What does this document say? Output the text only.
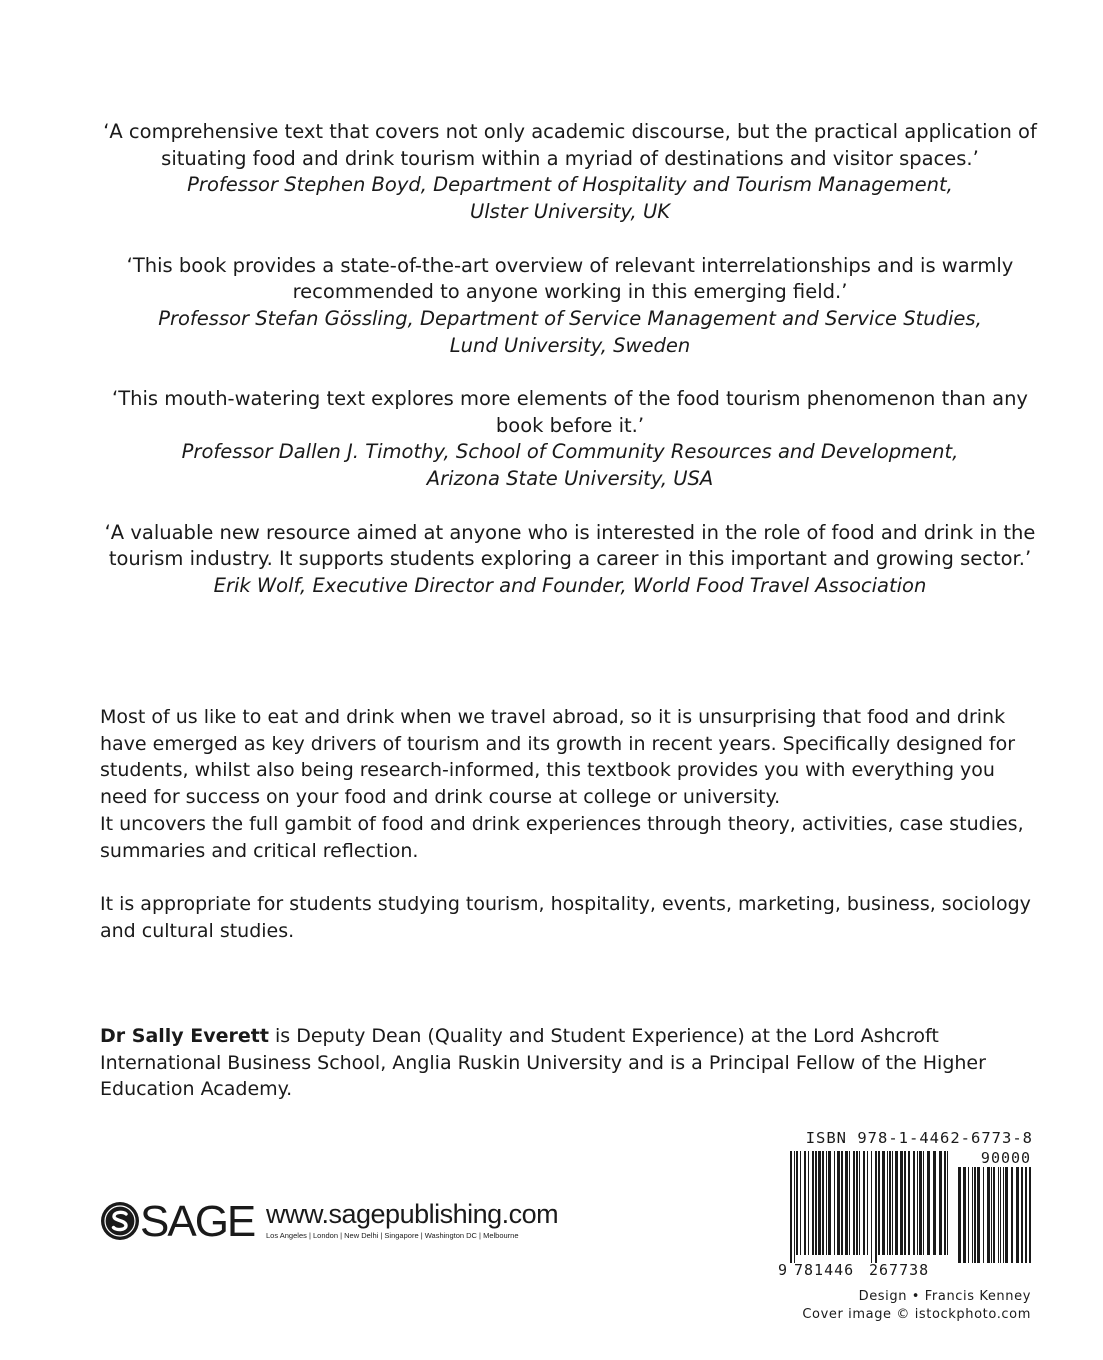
‘A comprehensive text that covers not only academic discourse, but the practical application of situating food and drink tourism within a myriad of destinations and visitor spaces.’
Professor Stephen Boyd, Department of Hospitality and Tourism Management,
Ulster University, UK
‘This book provides a state-of-the-art overview of relevant interrelationships and is warmly recommended to anyone working in this emerging field.’
Professor Stefan Gössling, Department of Service Management and Service Studies,
Lund University, Sweden
‘This mouth-watering text explores more elements of the food tourism phenomenon than any book before it.’
Professor Dallen J. Timothy, School of Community Resources and Development,
Arizona State University, USA
‘A valuable new resource aimed at anyone who is interested in the role of food and drink in the tourism industry. It supports students exploring a career in this important and growing sector.’
Erik Wolf, Executive Director and Founder, World Food Travel Association

Most of us like to eat and drink when we travel abroad, so it is unsurprising that food and drink have emerged as key drivers of tourism and its growth in recent years. Specifically designed for students, whilst also being research-informed, this textbook provides you with everything you need for success on your food and drink course at college or university.
It uncovers the full gambit of food and drink experiences through theory, activities, case studies, summaries and critical reflection.

It is appropriate for students studying tourism, hospitality, events, marketing, business, sociology and cultural studies.

Dr Sally Everett is Deputy Dean (Quality and Student Experience) at the Lord Ashcroft International Business School, Anglia Ruskin University and is a Principal Fellow of the Higher Education Academy.
SAGE www.sagepublishing.com
Los Angeles | London | New Delhi | Singapore | Washington DC | Melbourne
ISBN 978-1-4462-6773-8
90000
9 781446 267738
Design • Francis Kenney
Cover image © istockphoto.com
